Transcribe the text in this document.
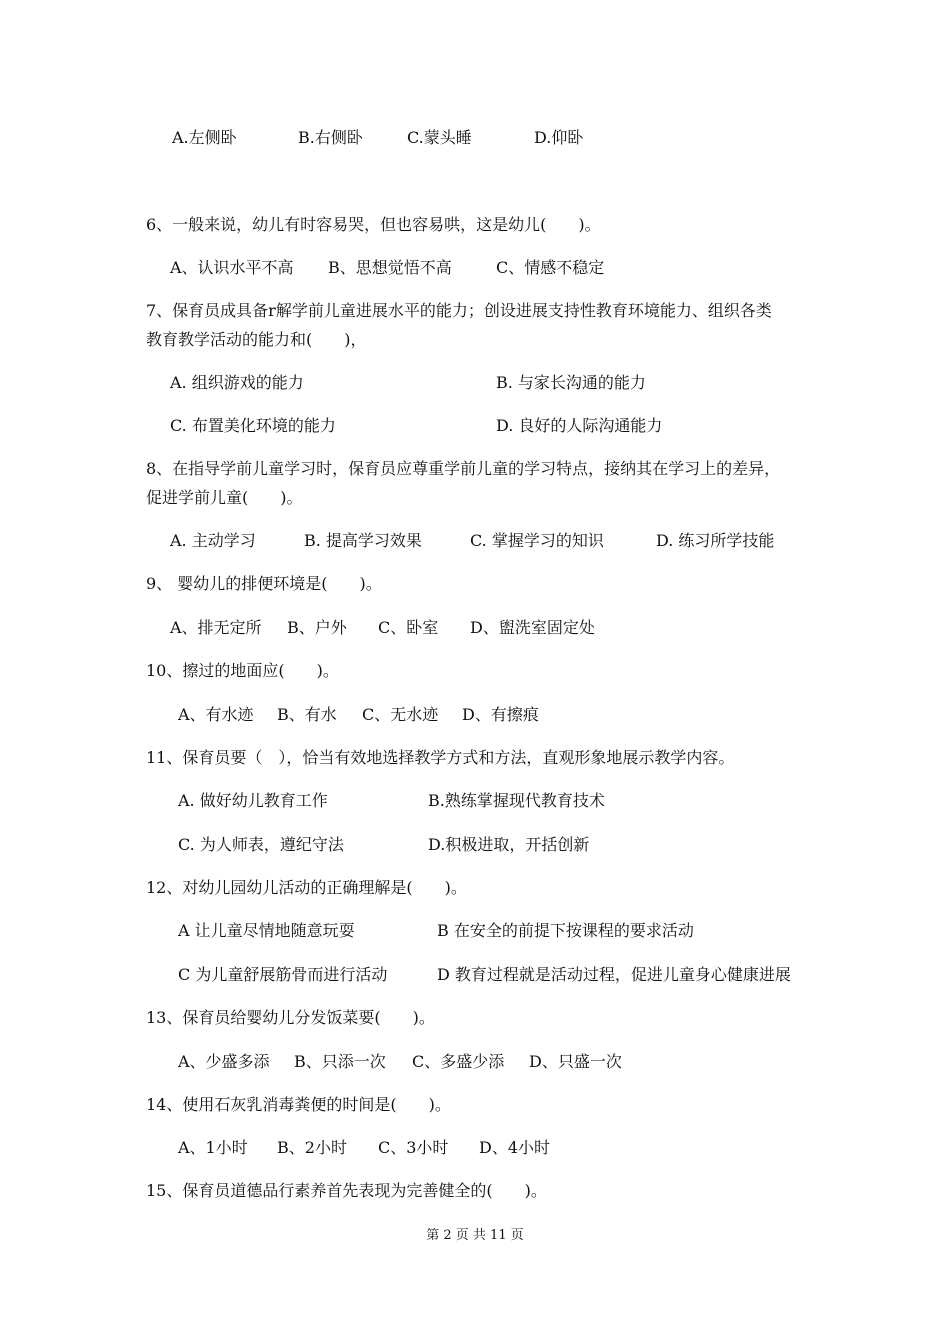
A.左侧卧	B.右侧卧	C.蒙头睡	D.仰卧
6、一般来说，幼儿有时容易哭，但也容易哄，这是幼儿(　　)。
A、认识水平不高 B、思想觉悟不高	C、情感不稳定
7、保育员成具备r解学前儿童进展水平的能力；创设进展支持性教育环境能力、组织各类
教育教学活动的能力和(　　)，
A. 组织游戏的能力	B. 与家长沟通的能力
C. 布置美化环境的能力	D. 良好的人际沟通能力
8、在指导学前儿童学习时，保育员应尊重学前儿童的学习特点，接纳其在学习上的差异，
促进学前儿童(　　)。
A. 主动学习	B. 提高学习效果	C. 掌握学习的知识	D. 练习所学技能
9、 婴幼儿的排便环境是(　　)。
A、排无定所 B、户外 C、卧室 D、盥洗室固定处
10、擦过的地面应(　　)。
A、有水迹 B、有水 C、无水迹 D、有擦痕
11、保育员要（　），恰当有效地选择教学方式和方法，直观形象地展示教学内容。
A. 做好幼儿教育工作	B.熟练掌握现代教育技术
C. 为人师表，遵纪守法	D.积极进取，开括创新
12、对幼儿园幼儿活动的正确理解是(　　)。
A 让儿童尽情地随意玩耍	B 在安全的前提下按课程的要求活动
C 为儿童舒展筋骨而进行活动	D 教育过程就是活动过程，促进儿童身心健康进展
13、保育员给婴幼儿分发饭菜要(　　)。
A、少盛多添 B、只添一次 C、多盛少添 D、只盛一次
14、使用石灰乳消毒粪便的时间是(　　)。
A、1小时 B、2小时 C、3小时 D、4小时
15、保育员道德品行素养首先表现为完善健全的(　　)。
第 2 页 共 11 页
